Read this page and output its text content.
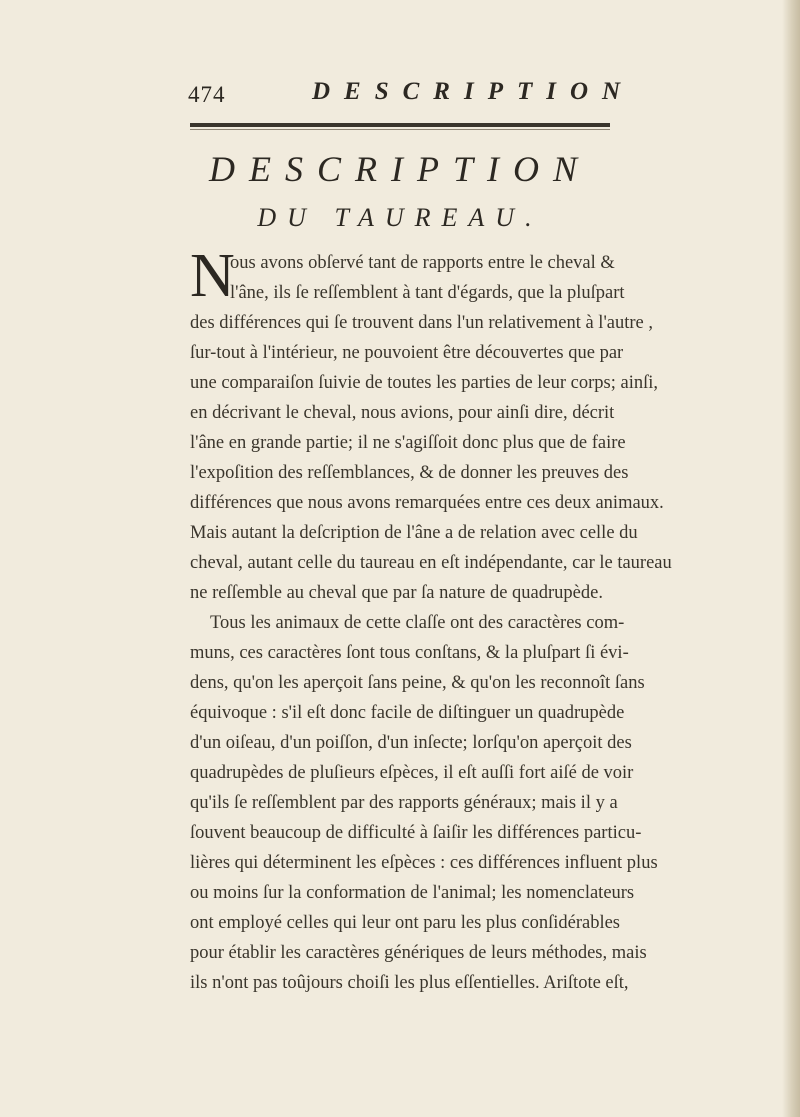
474	DESCRIPTION
DESCRIPTION
DU TAUREAU.
N
ous avons obſervé tant de rapports entre le cheval &
l'âne, ils ſe reſſemblent à tant d'égards, que la pluſpart
des différences qui ſe trouvent dans l'un relativement à l'autre ,
ſur-tout à l'intérieur, ne pouvoient être découvertes que par
une comparaiſon ſuivie de toutes les parties de leur corps; ainſi,
en décrivant le cheval, nous avions, pour ainſi dire, décrit
l'âne en grande partie; il ne s'agiſſoit donc plus que de faire
l'expoſition des reſſemblances, & de donner les preuves des
différences que nous avons remarquées entre ces deux animaux.
Mais autant la deſcription de l'âne a de relation avec celle du
cheval, autant celle du taureau en eſt indépendante, car le taureau
ne reſſemble au cheval que par ſa nature de quadrupède.
Tous les animaux de cette claſſe ont des caractères com-
muns, ces caractères ſont tous conſtans, & la pluſpart ſi évi-
dens, qu'on les aperçoit ſans peine, & qu'on les reconnoît ſans
équivoque : s'il eſt donc facile de diſtinguer un quadrupède
d'un oiſeau, d'un poiſſon, d'un inſecte; lorſqu'on aperçoit des
quadrupèdes de pluſieurs eſpèces, il eſt auſſi fort aiſé de voir
qu'ils ſe reſſemblent par des rapports généraux; mais il y a
ſouvent beaucoup de difficulté à ſaiſir les différences particu-
lières qui déterminent les eſpèces : ces différences influent plus
ou moins ſur la conformation de l'animal; les nomenclateurs
ont employé celles qui leur ont paru les plus conſidérables
pour établir les caractères génériques de leurs méthodes, mais
ils n'ont pas toûjours choiſi les plus eſſentielles. Ariſtote eſt,
